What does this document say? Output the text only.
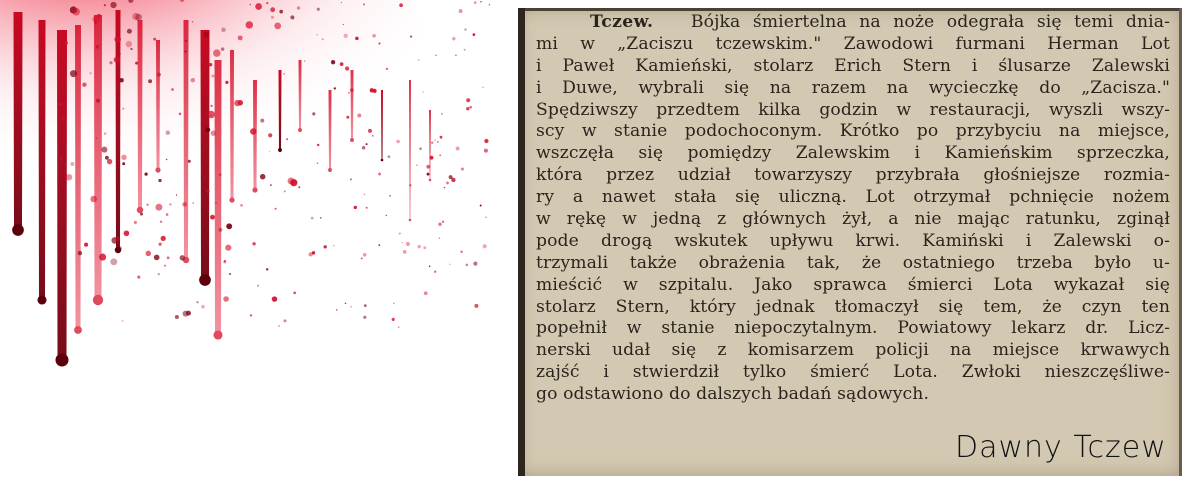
Tczew. Bójka śmiertelna na noże odegrała się temi dnia-
mi w „Zaciszu tczewskim." Zawodowi furmani Herman Lot
i Paweł Kamieński, stolarz Erich Stern i ślusarze Zalewski
i Duwe, wybrali się na razem na wycieczkę do „Zacisza."
Spędziwszy przedtem kilka godzin w restauracji, wyszli wszy-
scy w stanie podochoconym. Krótko po przybyciu na miejsce,
wszczęła się pomiędzy Zalewskim i Kamieńskim sprzeczka,
która przez udział towarzyszy przybrała głośniejsze rozmia-
ry a nawet stała się uliczną. Lot otrzymał pchnięcie nożem
w rękę w jedną z głównych żył, a nie mając ratunku, zginął
pode drogą wskutek upływu krwi. Kamiński i Zalewski o-
trzymali także obrażenia tak, że ostatniego trzeba było u-
mieścić w szpitalu. Jako sprawca śmierci Lota wykazał się
stolarz Stern, który jednak tłomaczył się tem, że czyn ten
popełnił w stanie niepoczytalnym. Powiatowy lekarz dr. Licz-
nerski udał się z komisarzem policji na miejsce krwawych
zajść i stwierdził tylko śmierć Lota. Zwłoki nieszczęśliwe-
go odstawiono do dalszych badań sądowych.
Dawny Tczew
